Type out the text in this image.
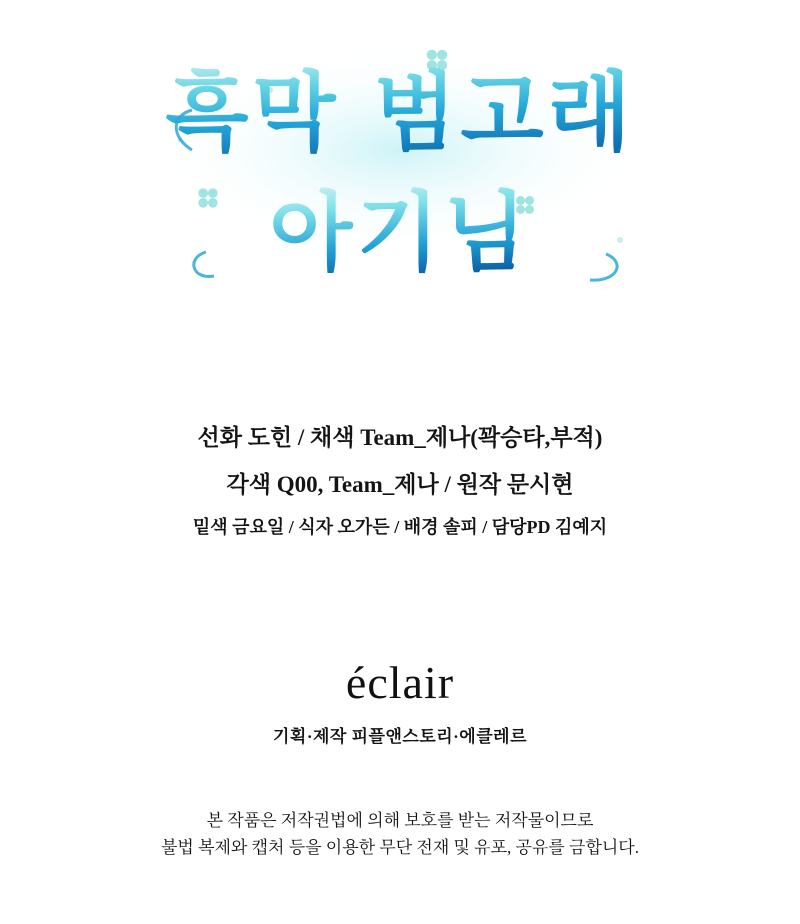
흑막 범고래
아기님
선화 도힌 / 채색 Team_제나(꽉승타,부적)
각색 Q00, Team_제나 / 원작 문시현
밑색 금요일 / 식자 오가든 / 배경 솔피 / 담당PD 김예지
éclair
기획·제작 피플앤스토리·에클레르
본 작품은 저작권법에 의해 보호를 받는 저작물이므로
불법 복제와 캡처 등을 이용한 무단 전재 및 유포, 공유를 금합니다.
